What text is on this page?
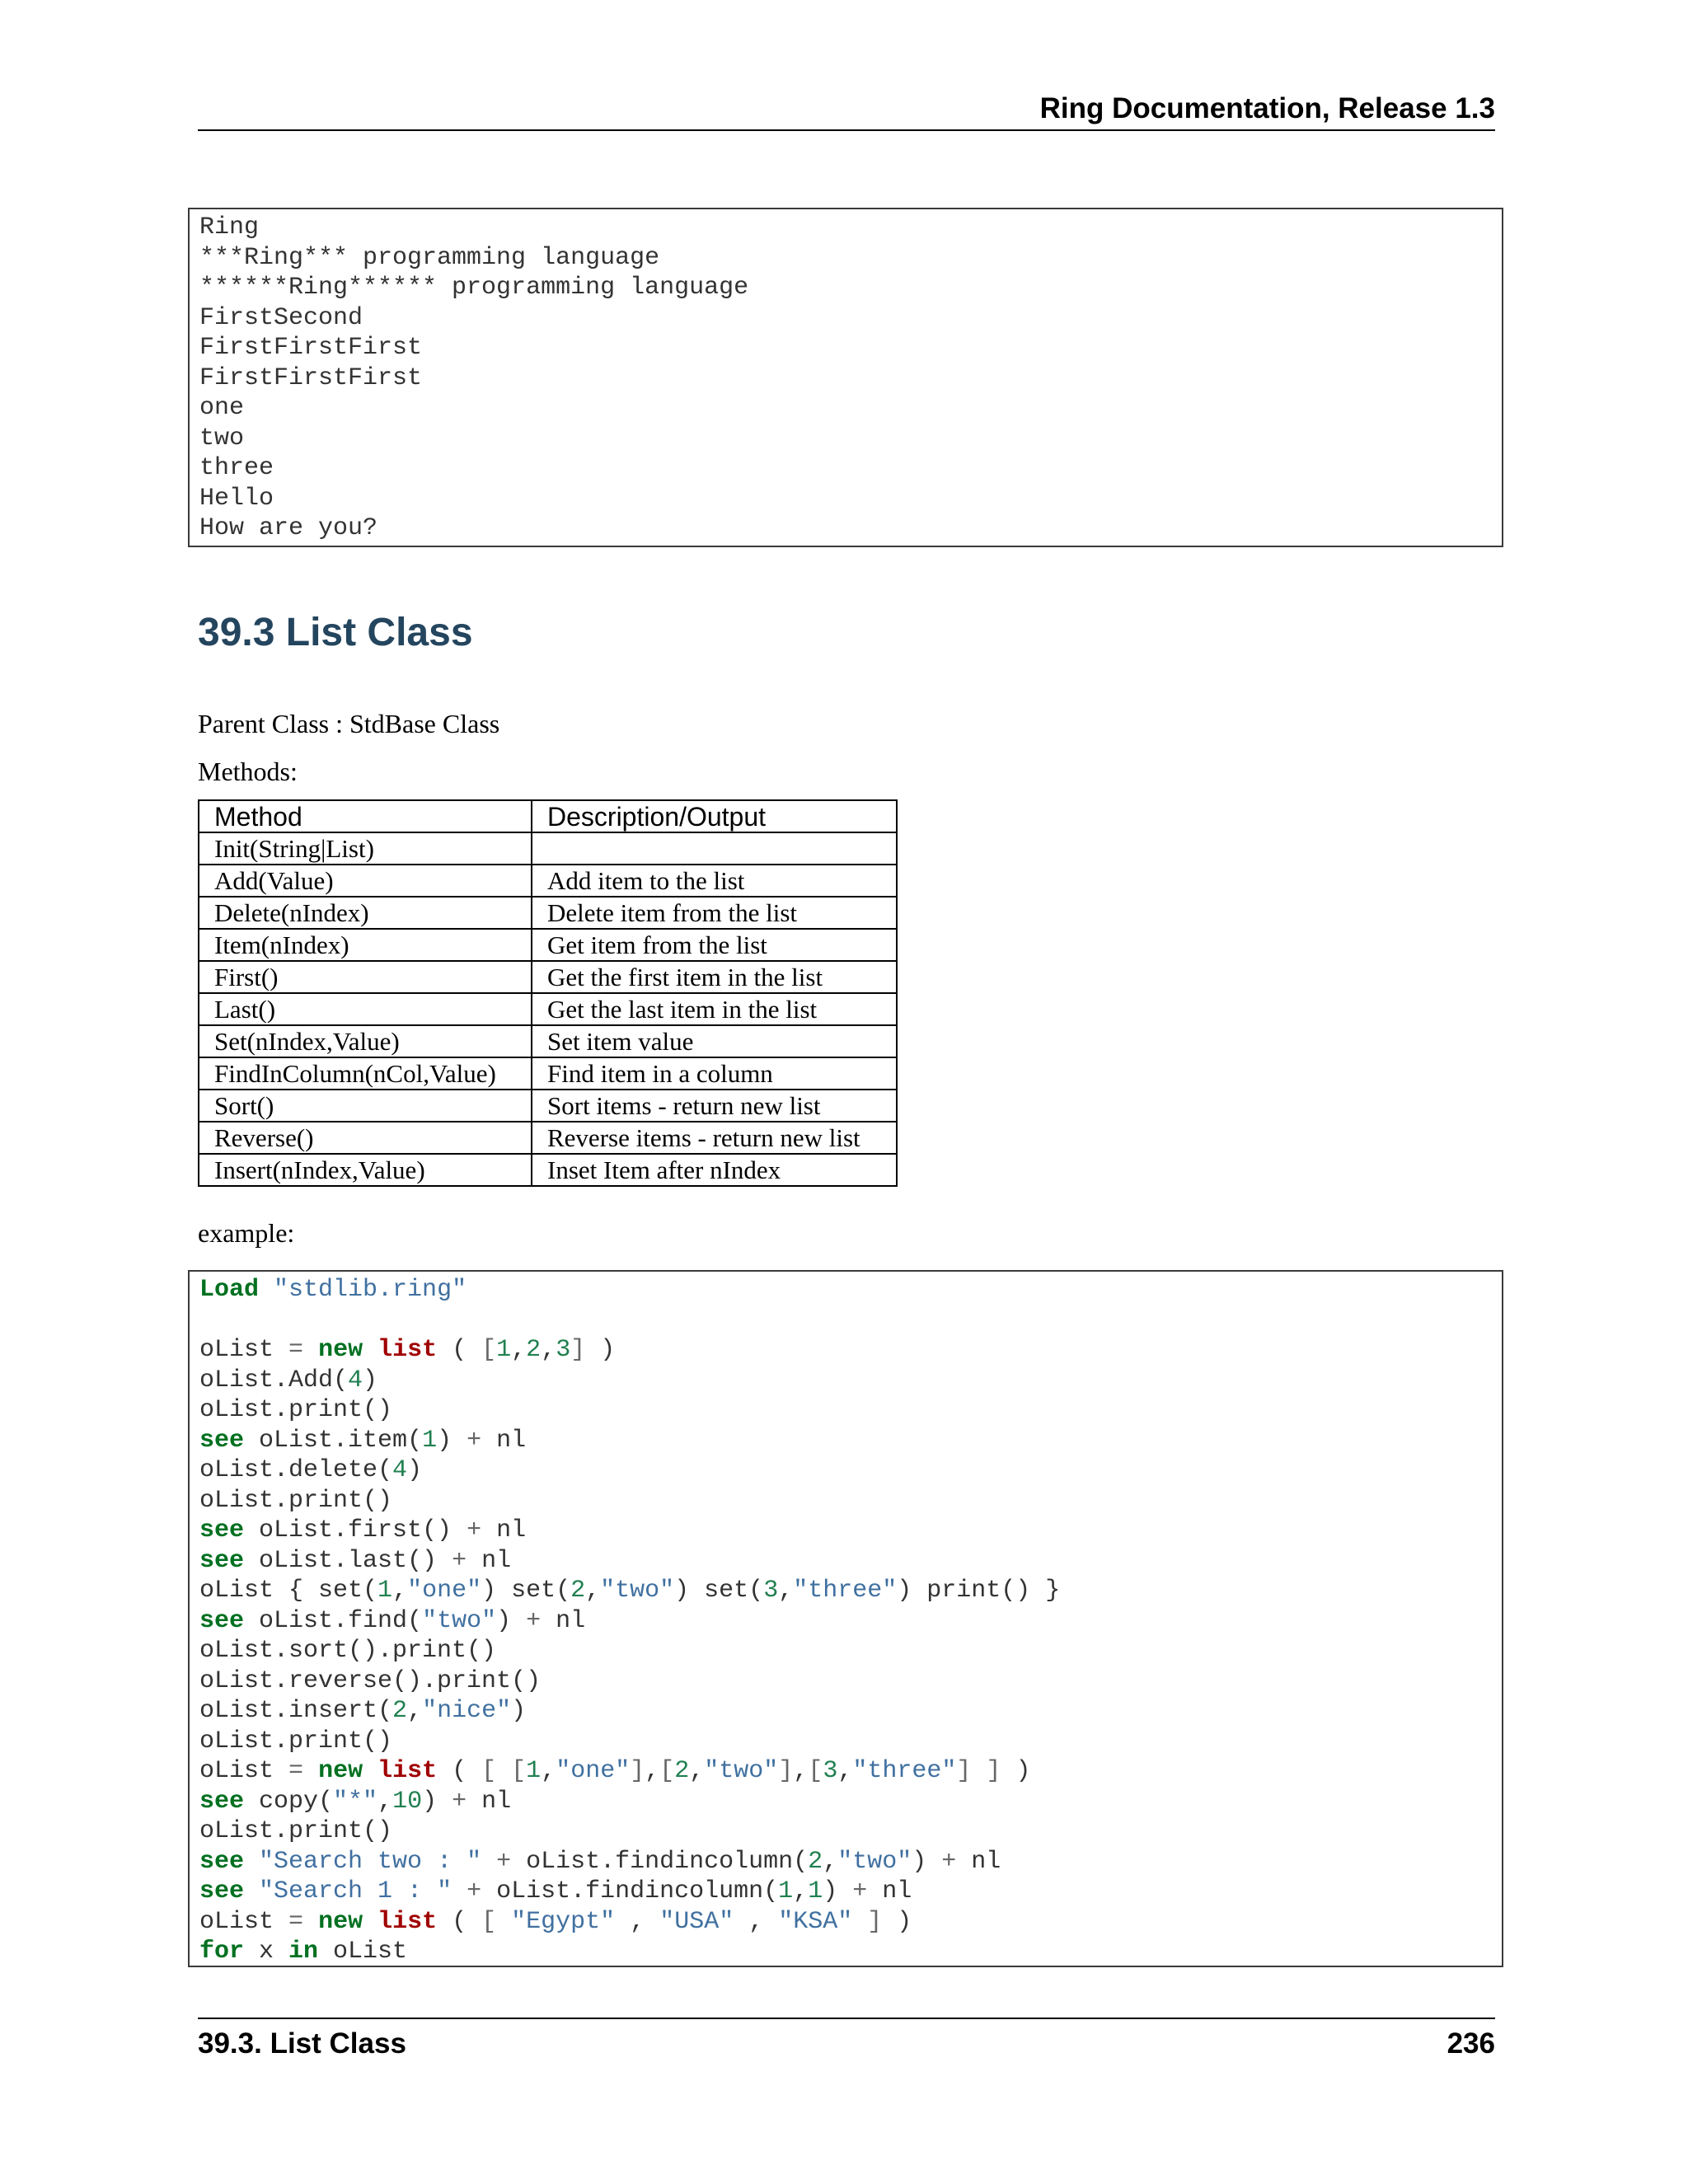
Ring Documentation, Release 1.3
Ring
***Ring*** programming language
******Ring****** programming language
FirstSecond
FirstFirstFirst
FirstFirstFirst
one
two
three
Hello
How are you?
39.3 List Class
Parent Class : StdBase Class
Methods:
Method	Description/Output
Init(String|List)	
Add(Value)	Add item to the list
Delete(nIndex)	Delete item from the list
Item(nIndex)	Get item from the list
First()	Get the first item in the list
Last()	Get the last item in the list
Set(nIndex,Value)	Set item value
FindInColumn(nCol,Value)	Find item in a column
Sort()	Sort items - return new list
Reverse()	Reverse items - return new list
Insert(nIndex,Value)	Inset Item after nIndex
example:
Load "stdlib.ring"
oList = new list ( [1,2,3] )
oList.Add(4)
oList.print()
see oList.item(1) + nl
oList.delete(4)
oList.print()
see oList.first() + nl
see oList.last() + nl
oList { set(1,"one") set(2,"two") set(3,"three") print() }
see oList.find("two") + nl
oList.sort().print()
oList.reverse().print()
oList.insert(2,"nice")
oList.print()
oList = new list ( [ [1,"one"],[2,"two"],[3,"three"] ] )
see copy("*",10) + nl
oList.print()
see "Search two : " + oList.findincolumn(2,"two") + nl
see "Search 1 : " + oList.findincolumn(1,1) + nl
oList = new list ( [ "Egypt" , "USA" , "KSA" ] )
for x in oList
39.3. List Class	236
